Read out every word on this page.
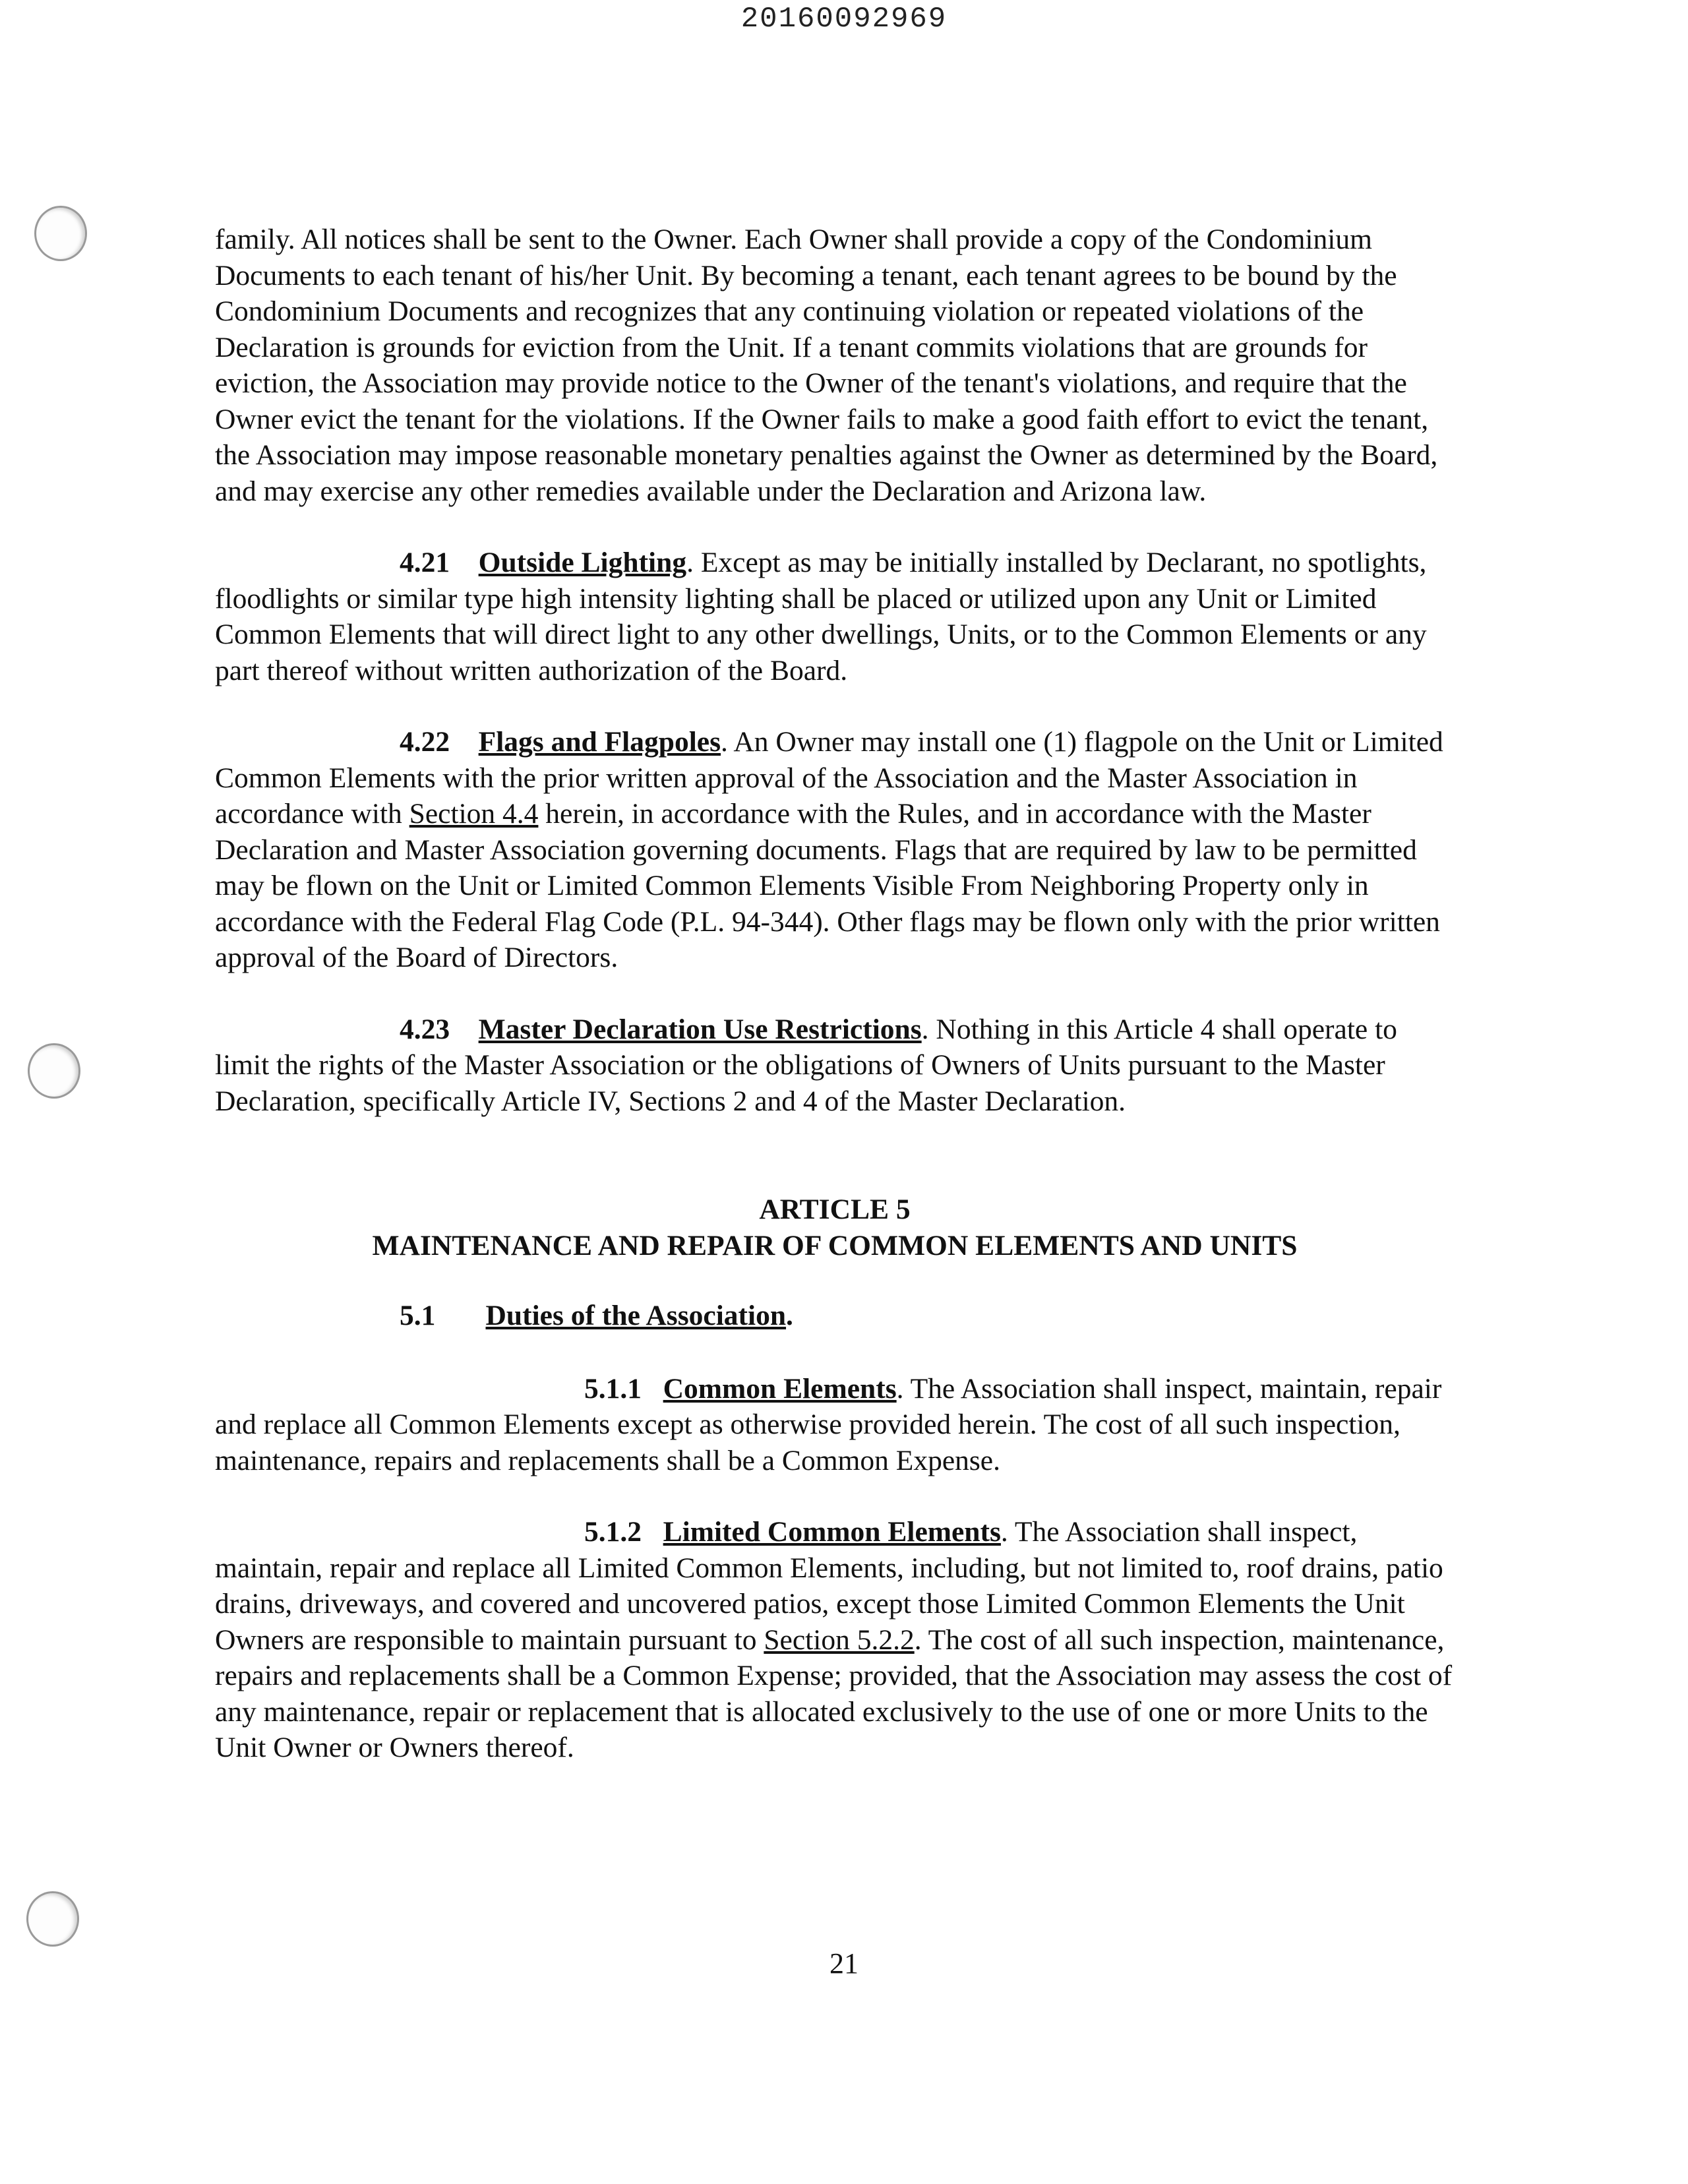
20160092969

family. All notices shall be sent to the Owner. Each Owner shall provide a copy of the Condominium Documents to each tenant of his/her Unit. By becoming a tenant, each tenant agrees to be bound by the Condominium Documents and recognizes that any continuing violation or repeated violations of the Declaration is grounds for eviction from the Unit. If a tenant commits violations that are grounds for eviction, the Association may provide notice to the Owner of the tenant's violations, and require that the Owner evict the tenant for the violations. If the Owner fails to make a good faith effort to evict the tenant, the Association may impose reasonable monetary penalties against the Owner as determined by the Board, and may exercise any other remedies available under the Declaration and Arizona law.

4.21 Outside Lighting. Except as may be initially installed by Declarant, no spotlights, floodlights or similar type high intensity lighting shall be placed or utilized upon any Unit or Limited Common Elements that will direct light to any other dwellings, Units, or to the Common Elements or any part thereof without written authorization of the Board.

4.22 Flags and Flagpoles. An Owner may install one (1) flagpole on the Unit or Limited Common Elements with the prior written approval of the Association and the Master Association in accordance with Section 4.4 herein, in accordance with the Rules, and in accordance with the Master Declaration and Master Association governing documents. Flags that are required by law to be permitted may be flown on the Unit or Limited Common Elements Visible From Neighboring Property only in accordance with the Federal Flag Code (P.L. 94-344). Other flags may be flown only with the prior written approval of the Board of Directors.

4.23 Master Declaration Use Restrictions. Nothing in this Article 4 shall operate to limit the rights of the Master Association or the obligations of Owners of Units pursuant to the Master Declaration, specifically Article IV, Sections 2 and 4 of the Master Declaration.

ARTICLE 5

MAINTENANCE AND REPAIR OF COMMON ELEMENTS AND UNITS

5.1 Duties of the Association.

5.1.1 Common Elements. The Association shall inspect, maintain, repair and replace all Common Elements except as otherwise provided herein. The cost of all such inspection, maintenance, repairs and replacements shall be a Common Expense.

5.1.2 Limited Common Elements. The Association shall inspect, maintain, repair and replace all Limited Common Elements, including, but not limited to, roof drains, patio drains, driveways, and covered and uncovered patios, except those Limited Common Elements the Unit Owners are responsible to maintain pursuant to Section 5.2.2. The cost of all such inspection, maintenance, repairs and replacements shall be a Common Expense; provided, that the Association may assess the cost of any maintenance, repair or replacement that is allocated exclusively to the use of one or more Units to the Unit Owner or Owners thereof.

21
